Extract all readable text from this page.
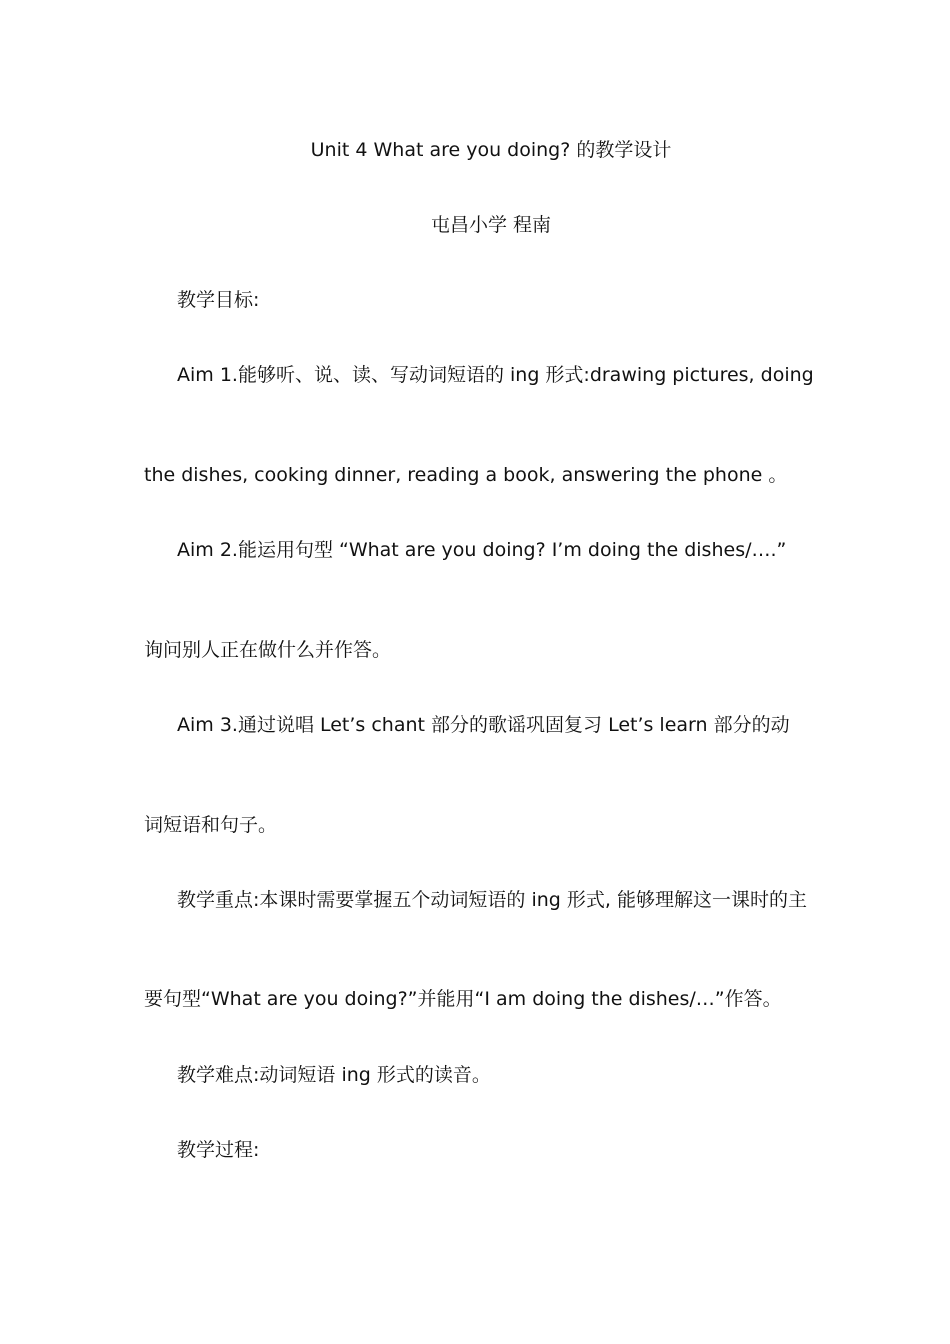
Unit 4 What are you doing? 的教学设计
屯昌小学 程南
教学目标:
Aim 1.能够听、说、读、写动词短语的 ing 形式:drawing pictures, doing
the dishes, cooking dinner, reading a book, answering the phone 。
Aim 2.能运用句型 “What are you doing? I’m doing the dishes/….”
询问别人正在做什么并作答。
Aim 3.通过说唱 Let’s chant 部分的歌谣巩固复习 Let’s learn 部分的动
词短语和句子。
教学重点:本课时需要掌握五个动词短语的 ing 形式, 能够理解这一课时的主
要句型“What are you doing?”并能用“I am doing the dishes/…”作答。
教学难点:动词短语 ing 形式的读音。
教学过程:
